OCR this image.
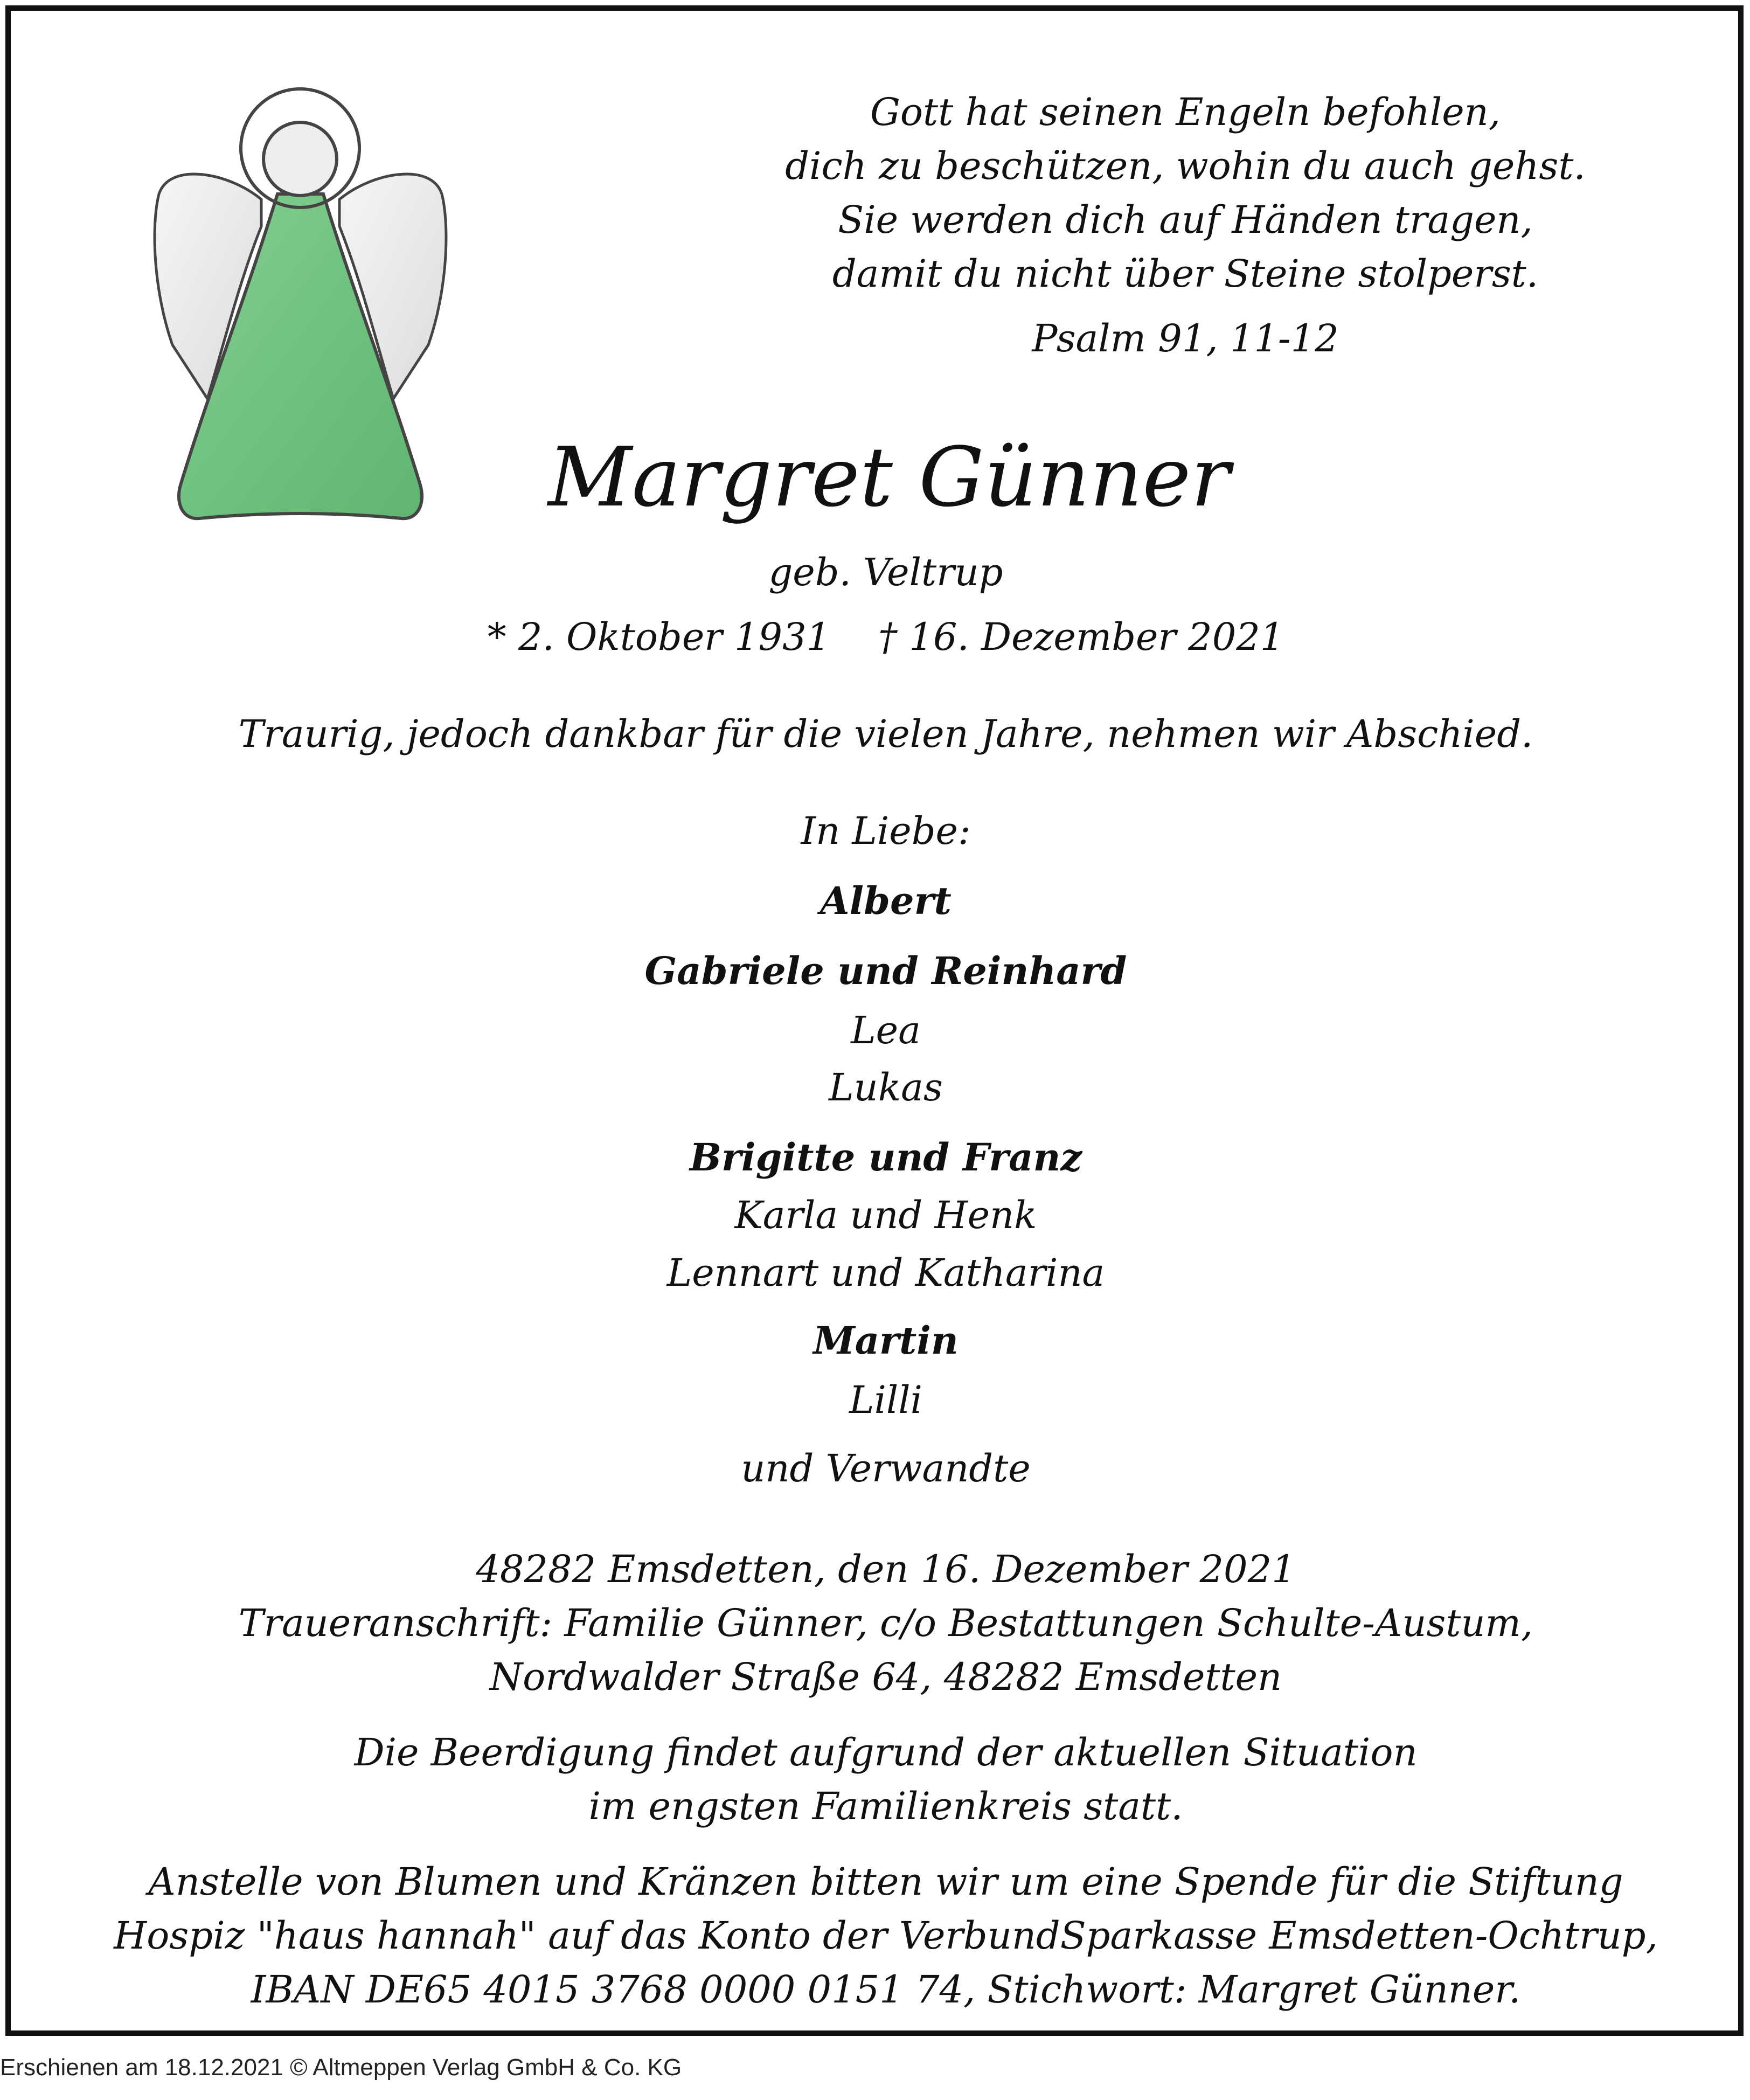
Gott hat seinen Engeln befohlen,
dich zu beschützen, wohin du auch gehst.
Sie werden dich auf Händen tragen,
damit du nicht über Steine stolperst.
Psalm 91, 11-12
Margret Günner
geb. Veltrup
* 2. Oktober 1931    † 16. Dezember 2021
Traurig, jedoch dankbar für die vielen Jahre, nehmen wir Abschied.
In Liebe:
Albert
Gabriele und Reinhard
Lea
Lukas
Brigitte und Franz
Karla und Henk
Lennart und Katharina
Martin
Lilli
und Verwandte
48282 Emsdetten, den 16. Dezember 2021
Traueranschrift: Familie Günner, c/o Bestattungen Schulte-Austum,
Nordwalder Straße 64, 48282 Emsdetten
Die Beerdigung findet aufgrund der aktuellen Situation
im engsten Familienkreis statt.
Anstelle von Blumen und Kränzen bitten wir um eine Spende für die Stiftung
Hospiz "haus hannah" auf das Konto der VerbundSparkasse Emsdetten-Ochtrup,
IBAN DE65 4015 3768 0000 0151 74, Stichwort: Margret Günner.
Erschienen am 18.12.2021 © Altmeppen Verlag GmbH & Co. KG
